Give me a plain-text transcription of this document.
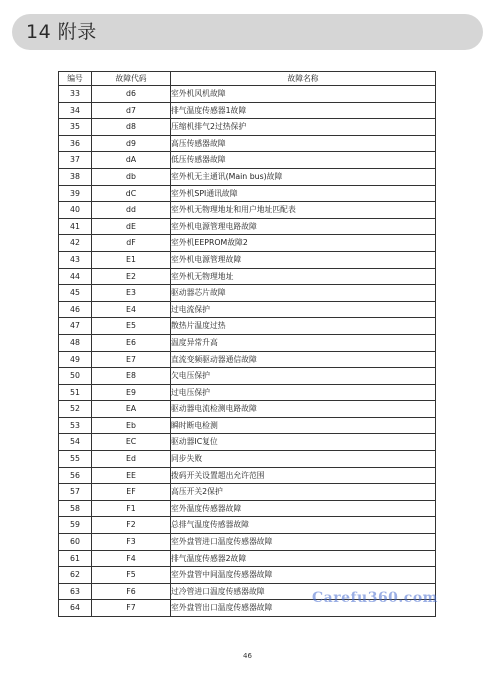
14 附录
编号	故障代码	故障名称
33	d6	室外机风机故障
34	d7	排气温度传感器1故障
35	d8	压缩机排气2过热保护
36	d9	高压传感器故障
37	dA	低压传感器故障
38	db	室外机无主通讯(Main bus)故障
39	dC	室外机SPI通讯故障
40	dd	室外机无物理地址和用户地址匹配表
41	dE	室外机电源管理电路故障
42	dF	室外机EEPROM故障2
43	E1	室外机电源管理故障
44	E2	室外机无物理地址
45	E3	驱动器芯片故障
46	E4	过电流保护
47	E5	散热片温度过热
48	E6	温度异常升高
49	E7	直流变频驱动器通信故障
50	E8	欠电压保护
51	E9	过电压保护
52	EA	驱动器电流检测电路故障
53	Eb	瞬时断电检测
54	EC	驱动器IC复位
55	Ed	同步失败
56	EE	拨码开关设置超出允许范围
57	EF	高压开关2保护
58	F1	室外温度传感器故障
59	F2	总排气温度传感器故障
60	F3	室外盘管进口温度传感器故障
61	F4	排气温度传感器2故障
62	F5	室外盘管中间温度传感器故障
63	F6	过冷管进口温度传感器故障
64	F7	室外盘管出口温度传感器故障
Carefu360.com
46
